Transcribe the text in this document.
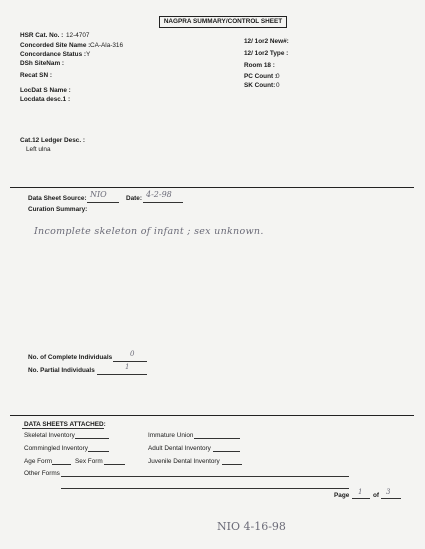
NAGPRA SUMMARY/CONTROL SHEET
HSR Cat. No. : 12-4707
Concorded Site Name : CA-Ala-316
Concordance Status : Y
DSh SiteNam :
Recat SN :
LocDat S Name :
Locdata desc.1 :
Cat.12 Ledger Desc. :
Left ulna
12/ 1or2 New#:
12/ 1or2 Type :
Room 18 :
PC Count :
0
SK Count: 0
Data Sheet Source: NIO	Date: 4-2-98
Curation Summary:
Incomplete skeleton of infant ; sex unknown.
No. of Complete Individuals	0
No. Partial Individuals	1
DATA SHEETS ATTACHED:
Skeletal Inventory
Commingled Inventory
Age Form	Sex Form
Other Forms
Immature Union
Adult Dental Inventory
Juvenile Dental Inventory
Page 1 of 3
NIO 4-16-98
